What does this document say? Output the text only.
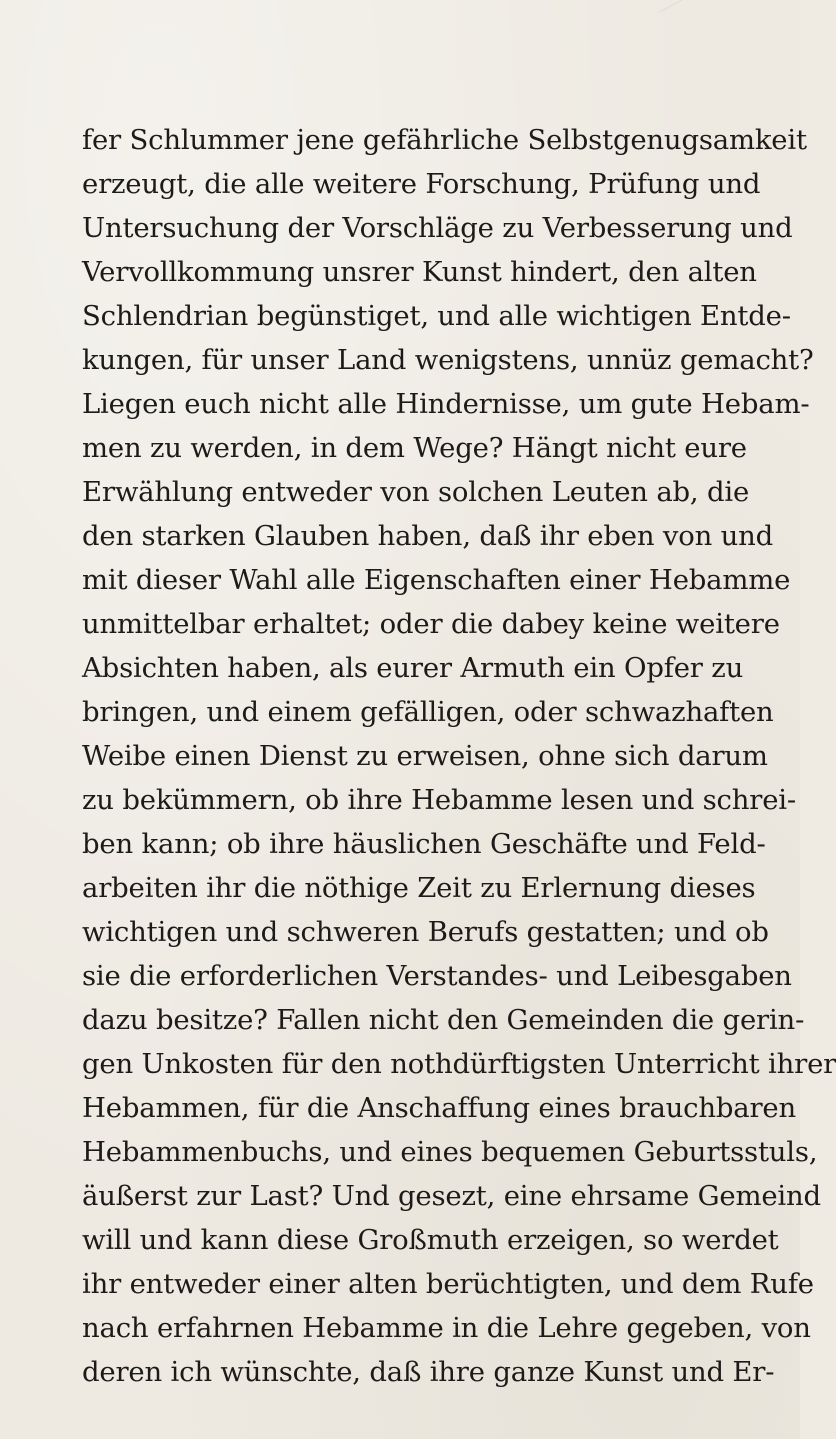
fer Schlummer jene gefährliche Selbstgenugsamkeit
erzeugt, die alle weitere Forschung, Prüfung und
Untersuchung der Vorschläge zu Verbesserung und
Vervollkommung unsrer Kunst hindert, den alten
Schlendrian begünstiget, und alle wichtigen Entde-
kungen, für unser Land wenigstens, unnüz gemacht?
Liegen euch nicht alle Hindernisse, um gute Hebam-
men zu werden, in dem Wege? Hängt nicht eure
Erwählung entweder von solchen Leuten ab, die
den starken Glauben haben, daß ihr eben von und
mit dieser Wahl alle Eigenschaften einer Hebamme
unmittelbar erhaltet; oder die dabey keine weitere
Absichten haben, als eurer Armuth ein Opfer zu
bringen, und einem gefälligen, oder schwazhaften
Weibe einen Dienst zu erweisen, ohne sich darum
zu bekümmern, ob ihre Hebamme lesen und schrei-
ben kann; ob ihre häuslichen Geschäfte und Feld-
arbeiten ihr die nöthige Zeit zu Erlernung dieses
wichtigen und schweren Berufs gestatten; und ob
sie die erforderlichen Verstandes- und Leibesgaben
dazu besitze? Fallen nicht den Gemeinden die gerin-
gen Unkosten für den nothdürftigsten Unterricht ihrer
Hebammen, für die Anschaffung eines brauchbaren
Hebammenbuchs, und eines bequemen Geburtsstuls,
äußerst zur Last? Und gesezt, eine ehrsame Gemeind
will und kann diese Großmuth erzeigen, so werdet
ihr entweder einer alten berüchtigten, und dem Rufe
nach erfahrnen Hebamme in die Lehre gegeben, von
deren ich wünschte, daß ihre ganze Kunst und Er-
